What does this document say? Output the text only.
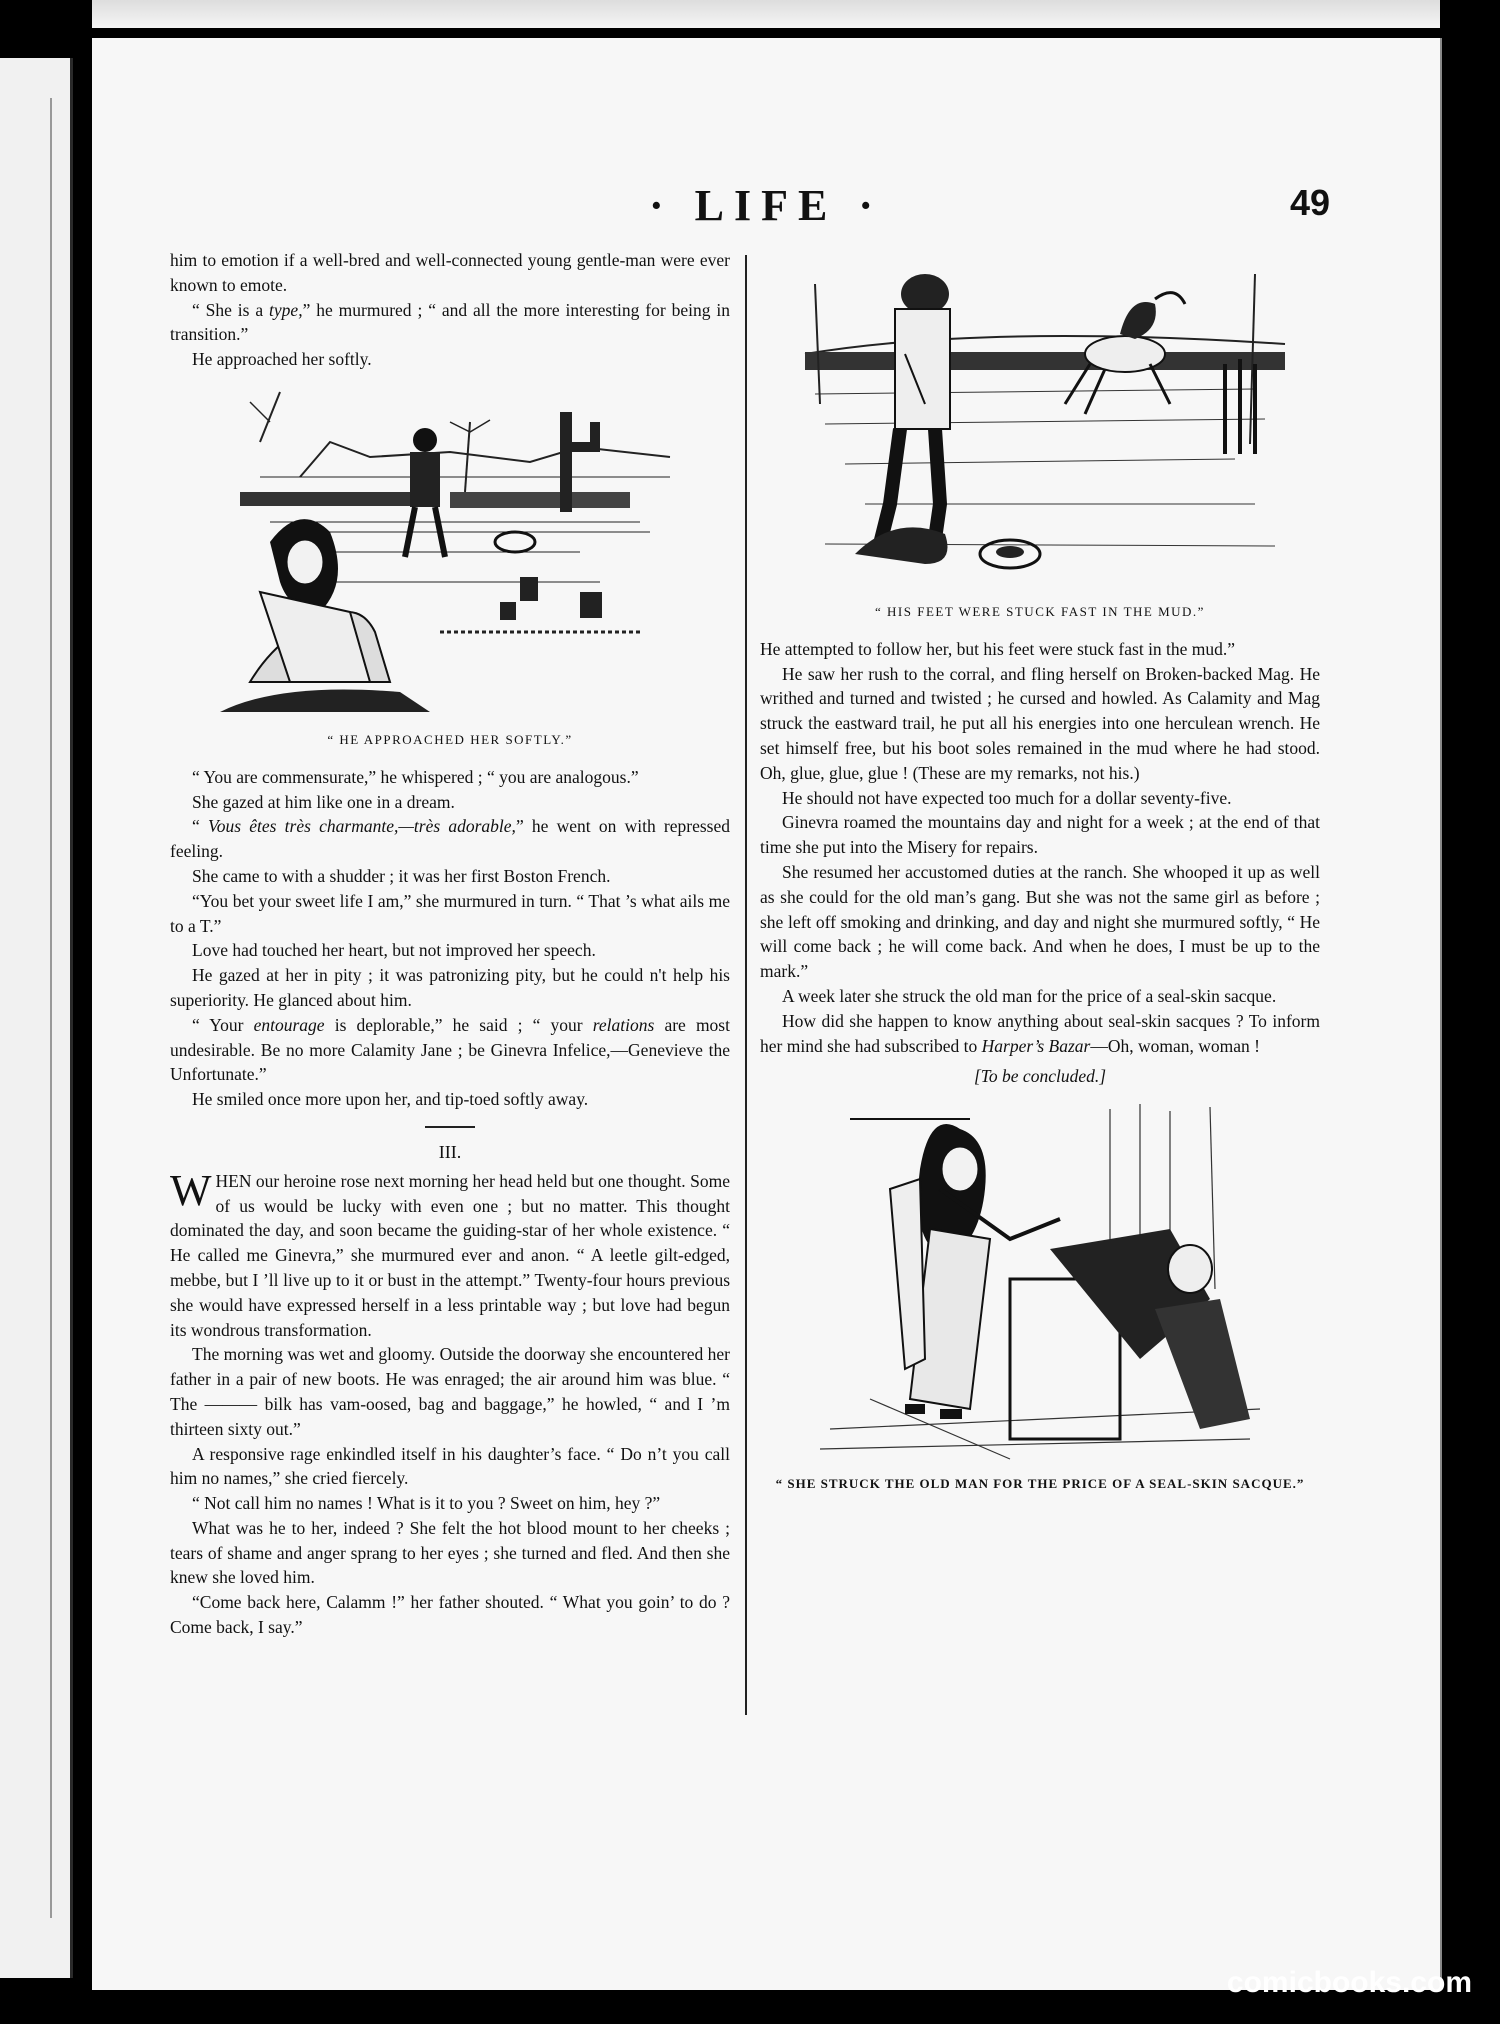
· LIFE ·	49

him to emotion if a well-bred and well-connected young gentle-man were ever known to emote.

“ She is a type,” he murmured ; “ and all the more interesting for being in transition.”

He approached her softly.

“ HE APPROACHED HER SOFTLY.”

“ You are commensurate,” he whispered ; “ you are analogous.”

She gazed at him like one in a dream.

“ Vous êtes très charmante,—très adorable,” he went on with repressed feeling.

She came to with a shudder ; it was her first Boston French.

“You bet your sweet life I am,” she murmured in turn. “ That ’s what ails me to a T.”

Love had touched her heart, but not improved her speech.

He gazed at her in pity ; it was patronizing pity, but he could n't help his superiority. He glanced about him.

“ Your entourage is deplorable,” he said ; “ your relations are most undesirable. Be no more Calamity Jane ; be Ginevra Infelice,—Genevieve the Unfortunate.”

He smiled once more upon her, and tip-toed softly away.

III.

WHEN our heroine rose next morning her head held but one thought. Some of us would be lucky with even one ; but no matter. This thought dominated the day, and soon became the guiding-star of her whole existence. “ He called me Ginevra,” she murmured ever and anon. “ A leetle gilt-edged, mebbe, but I ’ll live up to it or bust in the attempt.” Twenty-four hours previous she would have expressed herself in a less printable way ; but love had begun its wondrous transformation.

The morning was wet and gloomy. Outside the doorway she encountered her father in a pair of new boots. He was enraged; the air around him was blue. “ The ——— bilk has vam-oosed, bag and baggage,” he howled, “ and I ’m thirteen sixty out.”

A responsive rage enkindled itself in his daughter’s face. “ Do n’t you call him no names,” she cried fiercely.

“ Not call him no names ! What is it to you ? Sweet on him, hey ?”

What was he to her, indeed ? She felt the hot blood mount to her cheeks ; tears of shame and anger sprang to her eyes ; she turned and fled. And then she knew she loved him.

“Come back here, Calamm !” her father shouted. “ What you goin’ to do ? Come back, I say.”

“ HIS FEET WERE STUCK FAST IN THE MUD.”

He attempted to follow her, but his feet were stuck fast in the mud.”

He saw her rush to the corral, and fling herself on Broken-backed Mag. He writhed and turned and twisted ; he cursed and howled. As Calamity and Mag struck the eastward trail, he put all his energies into one herculean wrench. He set himself free, but his boot soles remained in the mud where he had stood. Oh, glue, glue, glue ! (These are my remarks, not his.)

He should not have expected too much for a dollar seventy-five.

Ginevra roamed the mountains day and night for a week ; at the end of that time she put into the Misery for repairs.

She resumed her accustomed duties at the ranch. She whooped it up as well as she could for the old man’s gang. But she was not the same girl as before ; she left off smoking and drinking, and day and night she murmured softly, “ He will come back ; he will come back. And when he does, I must be up to the mark.”

A week later she struck the old man for the price of a seal-skin sacque.

How did she happen to know anything about seal-skin sacques ? To inform her mind she had subscribed to Harper’s Bazar—Oh, woman, woman !

[To be concluded.]
“ SHE STRUCK THE OLD MAN FOR THE PRICE OF A SEAL-SKIN SACQUE.”
comicbooks.com
